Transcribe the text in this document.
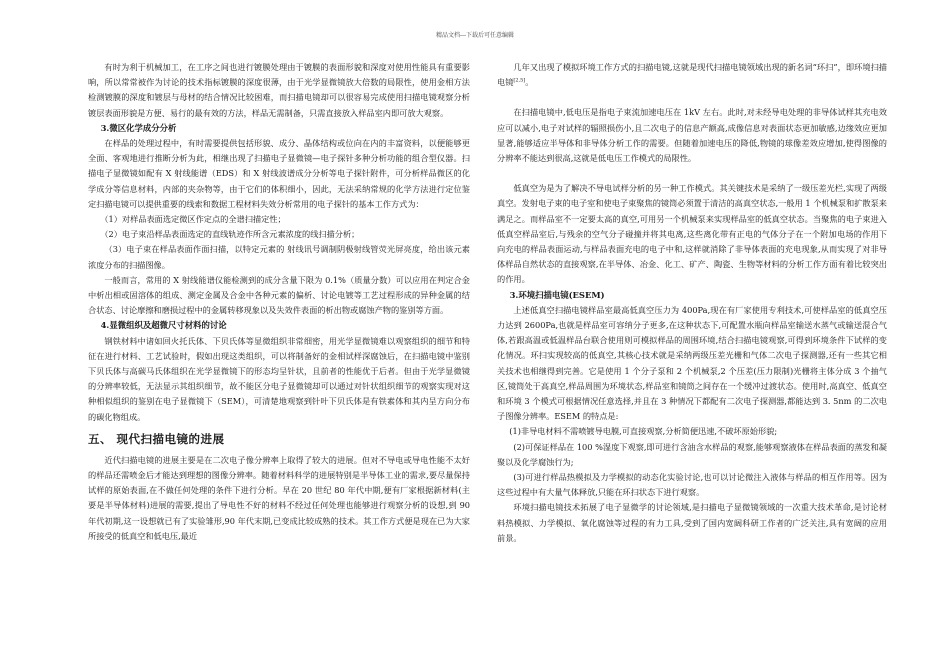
精品文档---下载后可任意编辑

有时为利于机械加工，在工序之间也进行镀膜处理由于镀膜的表面形貌和深度对使用性能具有重要影响，所以常常被作为讨论的技术指标镀膜的深度很薄，由于光学显微镜放大倍数的局限性，使用金相方法检测镀膜的深度和镀层与母材的结合情况比较困难，而扫描电镜却可以很容易完成使用扫描电镜观察分析镀层表面形貌是方便、易行的最有效的方法，样品无需制备，只需直接放入样品室内即可放大观察。

3.微区化学成分分析

在样品的处理过程中，有时需要提供包括形貌、成分、晶体结构或位向在内的丰富资料，以便能够更全面、客观地进行推断分析为此，相继出现了扫描电子显微镜—电子探针多种分析功能的组合型仪器。扫描电子显微镜如配有 X 射线能谱（EDS）和 X 射线波谱成分分析等电子探针附件，可分析样品微区的化学成分等信息材料，内部的夹杂物等，由于它们的体积细小，因此，无法采纳常规的化学方法进行定位鉴定扫描电镜可以提供重要的线索和数据工程材料失效分析常用的电子探针的基本工作方式为：

（1）对样品表面选定微区作定点的全谱扫描定性；
（2）电子束沿样品表面选定的直线轨迹作所含元素浓度的线扫描分析；

（3）电子束在样品表面作面扫描，以特定元素的 射线讯号调制阴极射线管荧光屏亮度，给出该元素浓度分布的扫描图像。

一般而言，常用的 X 射线能谱仪能检测到的成分含量下限为 0.1%（质量分数）可以应用在判定合金中析出相或固溶体的组成、测定金属及合金中各种元素的偏析、讨论电镀等工艺过程形成的异种金属的结合状态、讨论摩擦和磨损过程中的金属转移现象以及失效件表面的析出物或腐蚀产物的鉴别等方面。

4.显微组织及超微尺寸材料的讨论

钢铁材料中诸如回火托氏体、下贝氏体等显微组织非常细密，用光学显微镜难以观察组织的细节和特征在进行材料、工艺试验时，假如出现这类组织，可以将制备好的金相试样深腐蚀后，在扫描电镜中鉴别下贝氏体与高碳马氏体组织在光学显微镜下的形态均呈针状，且前者的性能优于后者。但由于光学显微镜的分辨率较低，无法显示其组织细节，故不能区分电子显微镜却可以通过对针状组织细节的观察实现对这种相似组织的鉴别在电子显微镜下（SEM），可清楚地观察到针叶下贝氏体是有铁素体和其内呈方向分布的碳化物组成。

五、 现代扫描电镜的进展

近代扫描电镜的进展主要是在二次电子像分辨率上取得了较大的进展。但对不导电或导电性能不太好的样品还需喷金后才能达到理想的图像分辨率。随着材料科学的进展特别是半导体工业的需求,要尽量保持试样的原始表面,在不做任何处理的条件下进行分析。早在 20 世纪 80 年代中期,便有厂家根据新材料(主要是半导体材料)进展的需要,提出了导电性不好的材料不经过任何处理也能够进行观察分析的设想,到 90 年代初期,这一设想就已有了实验雏形,90 年代末期,已变成比较成熟的技术。其工作方式便是现在已为大家所接受的低真空和低电压,最近

几年又出现了模拟环境工作方式的扫描电镜,这就是现代扫描电镜领域出现的新名词“环扫”，即环境扫描电镜[2,5]。

在扫描电镜中,低电压是指电子束流加速电压在 1kV 左右。此时,对未经导电处理的非导体试样其充电效应可以减小,电子对试样的辐照损伤小,且二次电子的信息产额高,成像信息对表面状态更加敏感,边缘效应更加显著,能够适应半导体和非导体分析工作的需要。但随着加速电压的降低,物镜的球像差效应增加,使得图像的分辨率不能达到很高,这就是低电压工作模式的局限性。

低真空为是为了解决不导电试样分析的另一种工作模式。其关键技术是采纳了一级压差光栏,实现了两级真空。发射电子束的电子室和使电子束聚焦的镜筒必须置于清洁的高真空状态,一般用 1 个机械泵和扩散泵来满足之。而样品室不一定要太高的真空,可用另一个机械泵来实现样品室的低真空状态。当聚焦的电子束进入低真空样品室后,与残余的空气分子碰撞并将其电离,这些离化带有正电的气体分子在一个附加电场的作用下向充电的样品表面运动,与样品表面充电的电子中和,这样就消除了非导体表面的充电现象,从而实现了对非导体样品自然状态的直接观察,在半导体、冶金、化工、矿产、陶瓷、生物等材料的分析工作方面有着比较突出的作用。

3.环境扫描电镜(ESEM)

上述低真空扫描电镜样品室最高低真空压力为 400Pa,现在有厂家使用专利技术,可使样品室的低真空压力达到 2600Pa,也就是样品室可容纳分子更多,在这种状态下,可配置水瓶向样品室输送水蒸气或输送混合气体,若跟高温或低温样品台联合使用则可模拟样品的周围环境,结合扫描电镜观察,可得到环境条件下试样的变化情况。环扫实现较高的低真空,其核心技术就是采纳两级压差光栅和气体二次电子探测器,还有一些其它相关技术也相继得到完善。它是使用 1 个分子泵和 2 个机械泵,2 个压差(压力限制)光栅将主体分成 3 个抽气区,镜筒处于高真空,样品周围为环境状态,样品室和镜筒之间存在一个缓冲过渡状态。使用时,高真空、低真空和环境 3 个模式可根据情况任意选择,并且在 3 种情况下都配有二次电子探测器,都能达到 3. 5nm 的二次电子图像分辨率。ESEM 的特点是:

(1)非导电材料不需喷镀导电膜,可直接观察,分析简便迅速,不破坏原始形貌;

(2)可保证样品在 100 %湿度下观察,即可进行含油含水样品的观察,能够观察液体在样品表面的蒸发和凝聚以及化学腐蚀行为;

(3)可进行样品热模拟及力学模拟的动态化实验讨论,也可以讨论微注入液体与样品的相互作用等。因为这些过程中有大量气体释放,只能在环扫状态下进行观察。

环境扫描电镜技术拓展了电子显微学的讨论领域,是扫描电子显微镜领域的一次重大技术革命,是讨论材料热模拟、力学模拟、氧化腐蚀等过程的有力工具,受到了国内宽阔科研工作者的广泛关注,具有宽阔的应用前景。
